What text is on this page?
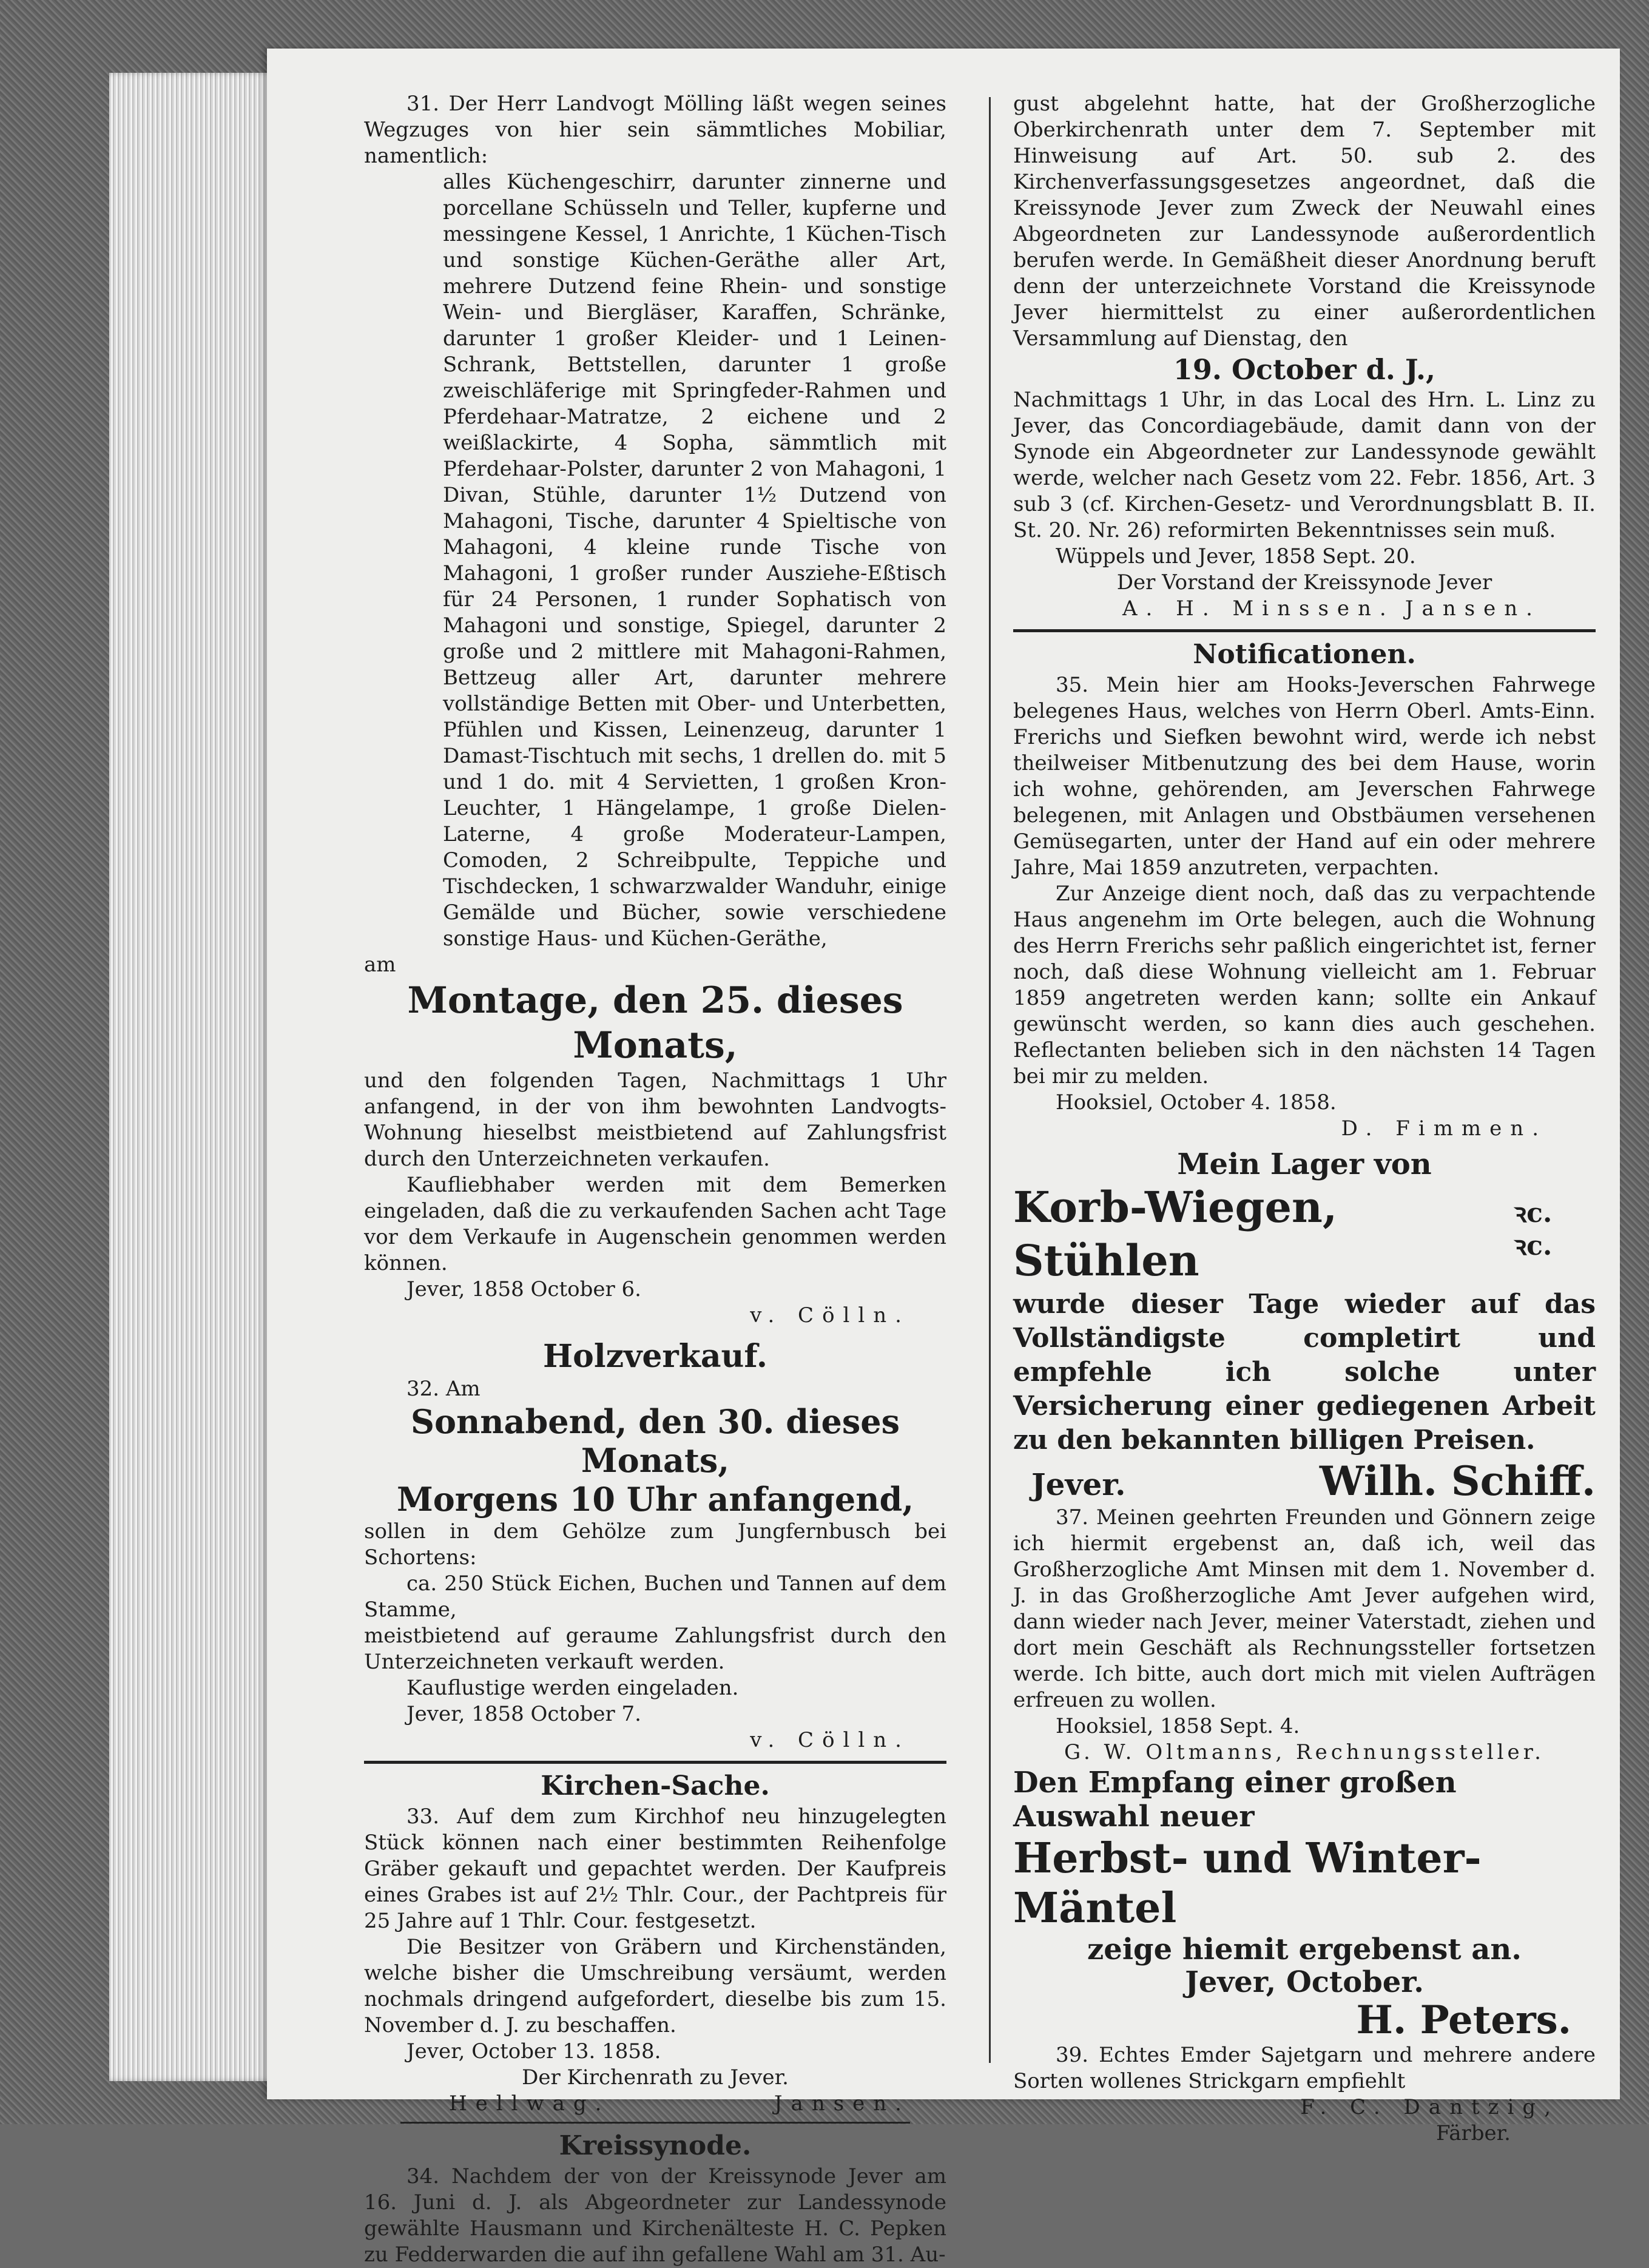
31. Der Herr Landvogt Mölling läßt wegen seines Wegzuges von hier sein sämmtliches Mobiliar, namentlich:

alles Küchengeschirr, darunter zinnerne und porcellane Schüsseln und Teller, kupferne und messingene Kessel, 1 Anrichte, 1 Küchen-Tisch und sonstige Küchen-Geräthe aller Art, mehrere Dutzend feine Rhein- und sonstige Wein- und Biergläser, Karaffen, Schränke, darunter 1 großer Kleider- und 1 Leinen-Schrank, Bettstellen, darunter 1 große zweischläferige mit Springfeder-Rahmen und Pferdehaar-Matratze, 2 eichene und 2 weißlackirte, 4 Sopha, sämmtlich mit Pferdehaar-Polster, darunter 2 von Mahagoni, 1 Divan, Stühle, darunter 1½ Dutzend von Mahagoni, Tische, darunter 4 Spieltische von Mahagoni, 4 kleine runde Tische von Mahagoni, 1 großer runder Ausziehe-Eßtisch für 24 Personen, 1 runder Sophatisch von Mahagoni und sonstige, Spiegel, darunter 2 große und 2 mittlere mit Mahagoni-Rahmen, Bettzeug aller Art, darunter mehrere vollständige Betten mit Ober- und Unterbetten, Pfühlen und Kissen, Leinenzeug, darunter 1 Damast-Tischtuch mit sechs, 1 drellen do. mit 5 und 1 do. mit 4 Servietten, 1 großen Kron-Leuchter, 1 Hängelampe, 1 große Dielen-Laterne, 4 große Moderateur-Lampen, Comoden, 2 Schreibpulte, Teppiche und Tischdecken, 1 schwarzwalder Wanduhr, einige Gemälde und Bücher, sowie verschiedene sonstige Haus- und Küchen-Geräthe,

am

Montage, den 25. dieses Monats,

und den folgenden Tagen, Nachmittags 1 Uhr anfangend, in der von ihm bewohnten Landvogts-Wohnung hieselbst meistbietend auf Zahlungsfrist durch den Unterzeichneten verkaufen.

Kaufliebhaber werden mit dem Bemerken eingeladen, daß die zu verkaufenden Sachen acht Tage vor dem Verkaufe in Augenschein genommen werden können.

Jever, 1858 October 6.

v. Cölln.

Holzverkauf.

32. Am

Sonnabend, den 30. dieses Monats,

Morgens 10 Uhr anfangend,

sollen in dem Gehölze zum Jungfernbusch bei Schortens:

ca. 250 Stück Eichen, Buchen und Tannen auf dem Stamme,

meistbietend auf geraume Zahlungsfrist durch den Unterzeichneten verkauft werden.

Kauflustige werden eingeladen.

Jever, 1858 October 7.

v. Cölln.

Kirchen-Sache.

33. Auf dem zum Kirchhof neu hinzugelegten Stück können nach einer bestimmten Reihenfolge Gräber gekauft und gepachtet werden. Der Kaufpreis eines Grabes ist auf 2½ Thlr. Cour., der Pachtpreis für 25 Jahre auf 1 Thlr. Cour. festgesetzt.

Die Besitzer von Gräbern und Kirchenständen, welche bisher die Umschreibung versäumt, werden nochmals dringend aufgefordert, dieselbe bis zum 15. November d. J. zu beschaffen.

Jever, October 13. 1858.

Der Kirchenrath zu Jever.

Hellwag.	Jansen.

Kreissynode.

34. Nachdem der von der Kreissynode Jever am 16. Juni d. J. als Abgeordneter zur Landessynode gewählte Hausmann und Kirchenälteste H. C. Pepken zu Fedderwarden die auf ihn gefallene Wahl am 31. Au-

gust abgelehnt hatte, hat der Großherzogliche Oberkirchenrath unter dem 7. September mit Hinweisung auf Art. 50. sub 2. des Kirchenverfassungsgesetzes angeordnet, daß die Kreissynode Jever zum Zweck der Neuwahl eines Abgeordneten zur Landessynode außerordentlich berufen werde. In Gemäßheit dieser Anordnung beruft denn der unterzeichnete Vorstand die Kreissynode Jever hiermittelst zu einer außerordentlichen Versammlung auf Dienstag, den

19. October d. J.,

Nachmittags 1 Uhr, in das Local des Hrn. L. Linz zu Jever, das Concordiagebäude, damit dann von der Synode ein Abgeordneter zur Landessynode gewählt werde, welcher nach Gesetz vom 22. Febr. 1856, Art. 3 sub 3 (cf. Kirchen-Gesetz- und Verordnungsblatt B. II. St. 20. Nr. 26) reformirten Bekenntnisses sein muß.

Wüppels und Jever, 1858 Sept. 20.

Der Vorstand der Kreissynode Jever

A. H. Minssen. Jansen.

Notificationen.

35. Mein hier am Hooks-Jeverschen Fahrwege belegenes Haus, welches von Herrn Oberl. Amts-Einn. Frerichs und Siefken bewohnt wird, werde ich nebst theilweiser Mitbenutzung des bei dem Hause, worin ich wohne, gehörenden, am Jeverschen Fahrwege belegenen, mit Anlagen und Obstbäumen versehenen Gemüsegarten, unter der Hand auf ein oder mehrere Jahre, Mai 1859 anzutreten, verpachten.

Zur Anzeige dient noch, daß das zu verpachtende Haus angenehm im Orte belegen, auch die Wohnung des Herrn Frerichs sehr paßlich eingerichtet ist, ferner noch, daß diese Wohnung vielleicht am 1. Februar 1859 angetreten werden kann; sollte ein Ankauf gewünscht werden, so kann dies auch geschehen. Reflectanten belieben sich in den nächsten 14 Tagen bei mir zu melden.

Hooksiel, October 4. 1858.

D. Fimmen.

Mein Lager von

Korb-Wiegen, Stühlen
ꝛc. ꝛc.

wurde dieser Tage wieder auf das Vollständigste completirt und empfehle ich solche unter Versicherung einer gediegenen Arbeit zu den bekannten billigen Preisen.

Jever.	Wilh. Schiff.

37. Meinen geehrten Freunden und Gönnern zeige ich hiermit ergebenst an, daß ich, weil das Großherzogliche Amt Minsen mit dem 1. November d. J. in das Großherzogliche Amt Jever aufgehen wird, dann wieder nach Jever, meiner Vaterstadt, ziehen und dort mein Geschäft als Rechnungssteller fortsetzen werde. Ich bitte, auch dort mich mit vielen Aufträgen erfreuen zu wollen.

Hooksiel, 1858 Sept. 4.

G. W. Oltmanns, Rechnungssteller.

Den Empfang einer großen Auswahl neuer

Herbst- und Winter-Mäntel

zeige hiemit ergebenst an.

Jever, October.

H. Peters.

39. Echtes Emder Sajetgarn und mehrere andere Sorten wollenes Strickgarn empfiehlt

F. C. Dantzig,

Färber.
